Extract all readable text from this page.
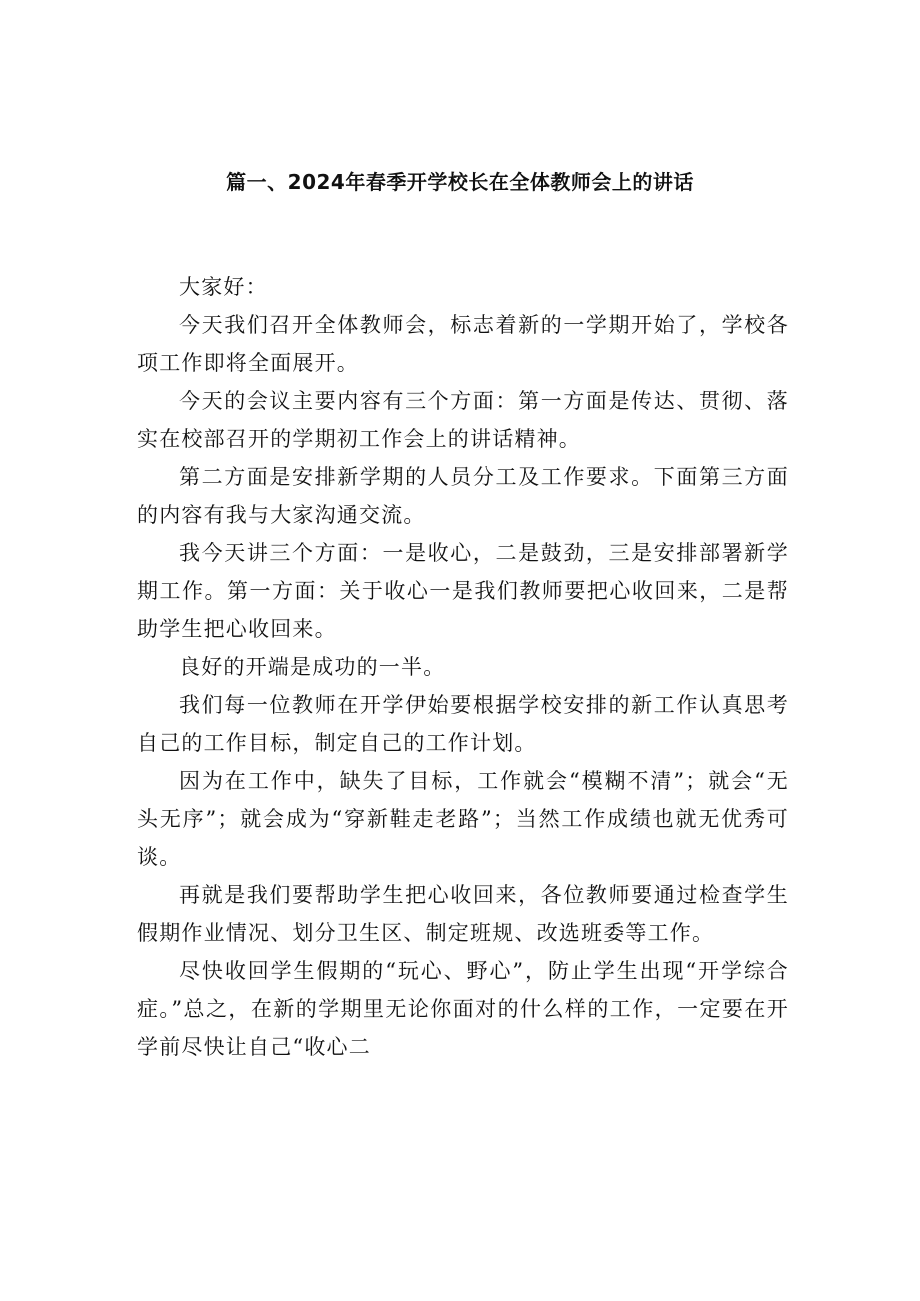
篇一、2024年春季开学校长在全体教师会上的讲话

大家好：

今天我们召开全体教师会，标志着新的一学期开始了，学校各项工作即将全面展开。

今天的会议主要内容有三个方面：第一方面是传达、贯彻、落实在校部召开的学期初工作会上的讲话精神。

第二方面是安排新学期的人员分工及工作要求。下面第三方面的内容有我与大家沟通交流。

我今天讲三个方面：一是收心，二是鼓劲，三是安排部署新学期工作。第一方面：关于收心一是我们教师要把心收回来，二是帮助学生把心收回来。

良好的开端是成功的一半。

我们每一位教师在开学伊始要根据学校安排的新工作认真思考自己的工作目标，制定自己的工作计划。

因为在工作中，缺失了目标，工作就会“模糊不清”；就会“无头无序”；就会成为“穿新鞋走老路”；当然工作成绩也就无优秀可谈。

再就是我们要帮助学生把心收回来，各位教师要通过检查学生假期作业情况、划分卫生区、制定班规、改选班委等工作。

尽快收回学生假期的“玩心、野心”，防止学生出现“开学综合症。”总之，在新的学期里无论你面对的什么样的工作，一定要在开学前尽快让自己“收心二
